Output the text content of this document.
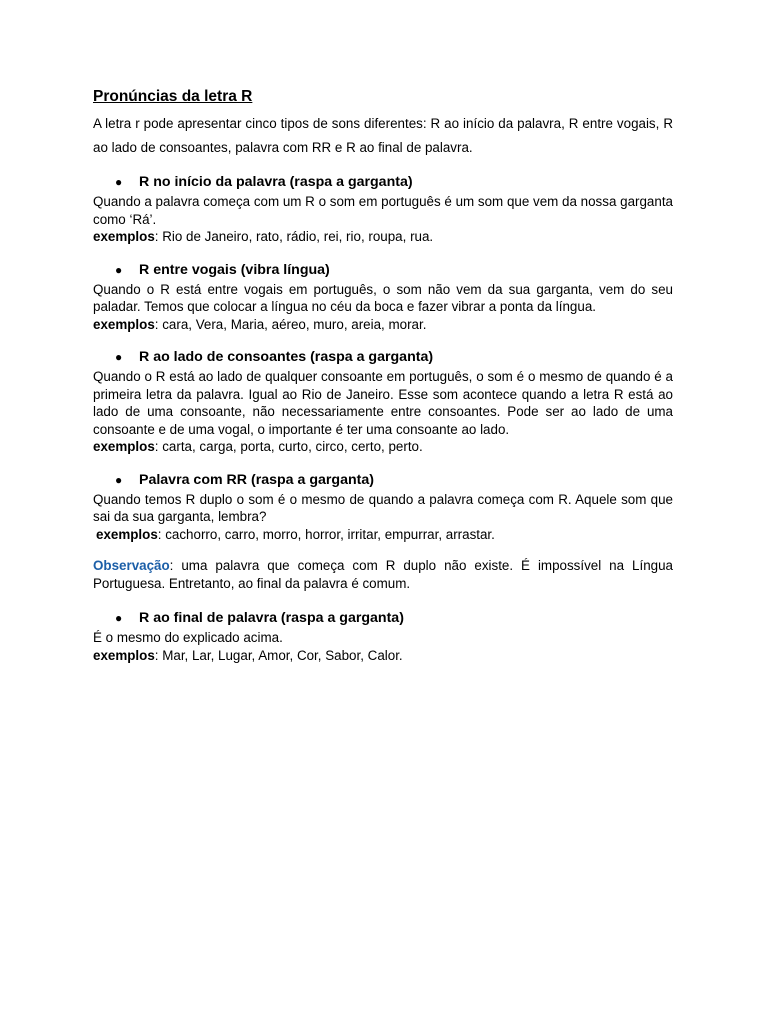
Pronúncias da letra R

A letra r pode apresentar cinco tipos de sons diferentes: R ao início da palavra, R entre vogais, R ao lado de consoantes, palavra com RR e R ao final de palavra.

●	R no início da palavra (raspa a garganta)

Quando a palavra começa com um R o som em português é um som que vem da nossa garganta como ‘Rá’.

exemplos: Rio de Janeiro, rato, rádio, rei, rio, roupa, rua.

●	R entre vogais (vibra língua)

Quando o R está entre vogais em português, o som não vem da sua garganta, vem do seu paladar. Temos que colocar a língua no céu da boca e fazer vibrar a ponta da língua.

exemplos: cara, Vera, Maria, aéreo, muro, areia, morar.

●	R ao lado de consoantes (raspa a garganta)

Quando o R está ao lado de qualquer consoante em português, o som é o mesmo de quando é a primeira letra da palavra. Igual ao Rio de Janeiro. Esse som acontece quando a letra R está ao lado de uma consoante, não necessariamente entre consoantes. Pode ser ao lado de uma consoante e de uma vogal, o importante é ter uma consoante ao lado.

exemplos: carta, carga, porta, curto, circo, certo, perto.

●	Palavra com RR (raspa a garganta)

Quando temos R duplo o som é o mesmo de quando a palavra começa com R. Aquele som que sai da sua garganta, lembra?

exemplos: cachorro, carro, morro, horror, irritar, empurrar, arrastar.

Observação: uma palavra que começa com R duplo não existe. É impossível na Língua Portuguesa. Entretanto, ao final da palavra é comum.

●	R ao final de palavra (raspa a garganta)

É o mesmo do explicado acima.

exemplos: Mar, Lar, Lugar, Amor, Cor, Sabor, Calor.
